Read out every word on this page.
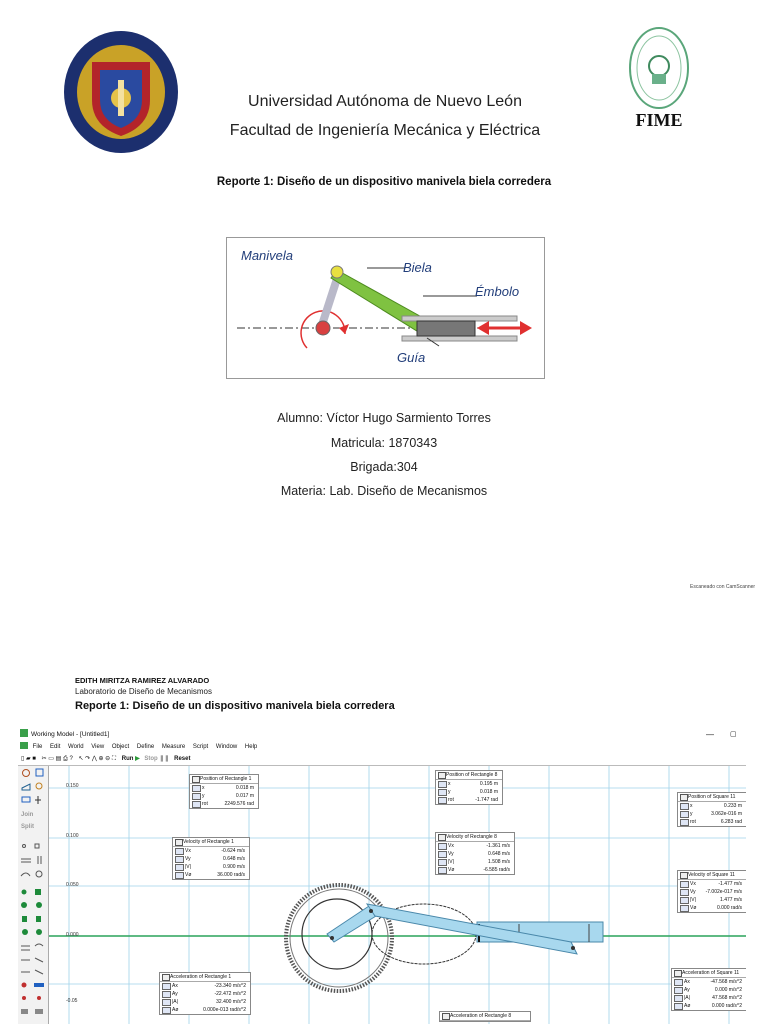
Universidad Autónoma de Nuevo León
Facultad de Ingeniería Mecánica y Eléctrica
FIME
Reporte 1: Diseño de un dispositivo manivela biela corredera
Manivela
Biela
Émbolo
Guía
Alumno: Víctor Hugo Sarmiento Torres
Matricula: 1870343
Brigada:304
Materia: Lab. Diseño de Mecanismos
Escaneado con CamScanner
EDITH MIRITZA RAMIREZ ALVARADO
Laboratorio de Diseño de Mecanismos
Reporte 1: Diseño de un dispositivo manivela biela corredera
Working Model - [Untitled1]	— ▢
File Edit World View Object Define Measure Script Window Help
▯ ▰ ■ ✂ ▭ ▤ ⎙ ? ↖ ↷ ⋀ ⊕ ⊖ ⛶ Run ▶ Stop ❚❚ Reset
Join
Split
0.150
0.100
0.050
0.000
-0.05
Position of Rectangle 1
x	0.018 m
y	0.017 m
rot	2249.576 rad
Velocity of Rectangle 1
Vx	-0.624 m/s
Vy	0.648 m/s
|V|	0.900 m/s
Vø	36.000 rad/s
Acceleration of Rectangle 1
Ax	-23.340 m/s^2
Ay	-22.472 m/s^2
|A|	32.400 m/s^2
Aø	0.000e-013 rad/s^2
Position of Rectangle 8
x	0.195 m
y	0.018 m
rot	-1.747 rad
Velocity of Rectangle 8
Vx	-1.361 m/s
Vy	0.648 m/s
|V|	1.508 m/s
Vø	-6.585 rad/s
Acceleration of Rectangle 8
Position of Square 11
x	0.233 m
y	3.062e-016 m
rot	6.283 rad
Velocity of Square 11
Vx	-1.477 m/s
Vy -7.002e-017 m/s
|V|	1.477 m/s
Vø	0.000 rad/s
Acceleration of Square 11
Ax	-47.568 m/s^2
Ay	0.000 m/s^2
|A|	47.568 m/s^2
Aø	0.000 rad/s^2
